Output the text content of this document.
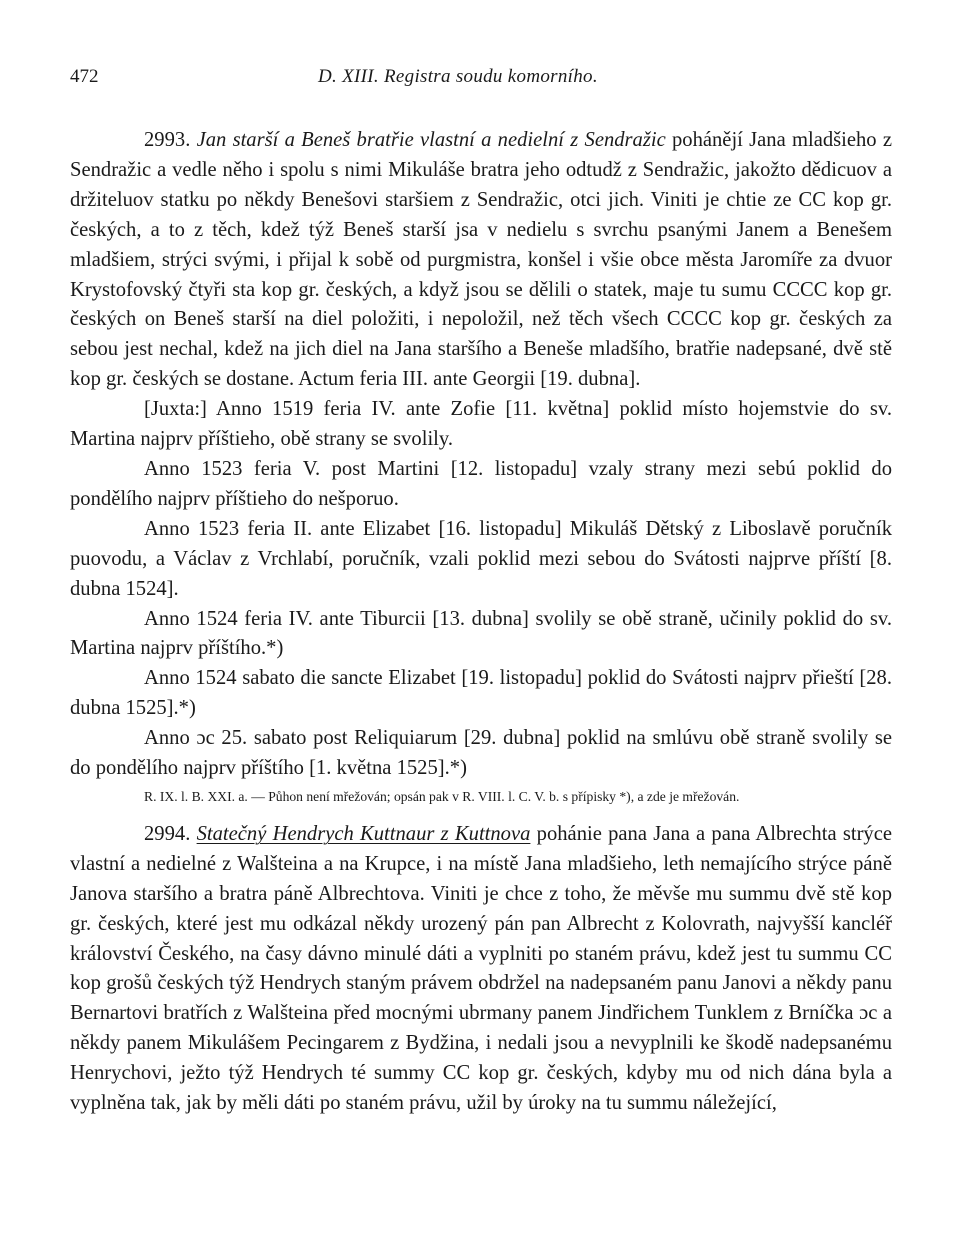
472	D. XIII. Registra soudu komorního.

2993. Jan starší a Beneš bratřie vlastní a nedielní z Sendražic pohánějí Jana mladšieho z Sendražic a vedle něho i spolu s nimi Mikuláše bratra jeho odtudž z Sendražic, jakožto dědicuov a držiteluov statku po někdy Benešovi staršiem z Sendražic, otci jich. Viniti je chtie ze CC kop gr. českých, a to z těch, kdež týž Beneš starší jsa v nedielu s svrchu psanými Janem a Benešem mladšiem, strýci svými, i přijal k sobě od purgmistra, konšel i všie obce města Jaromíře za dvuor Krystofovský čtyři sta kop gr. českých, a když jsou se dělili o statek, maje tu sumu CCCC kop gr. českých on Beneš starší na diel položiti, i nepoložil, než těch všech CCCC kop gr. českých za sebou jest nechal, kdež na jich diel na Jana staršího a Beneše mladšího, bratřie nadepsané, dvě stě kop gr. českých se dostane. Actum feria III. ante Georgii [19. dubna].

[Juxta:] Anno 1519 feria IV. ante Zofie [11. května] poklid místo hojemstvie do sv. Martina najprv příštieho, obě strany se svolily.

Anno 1523 feria V. post Martini [12. listopadu] vzaly strany mezi sebú poklid do pondělího najprv příštieho do nešporuo.

Anno 1523 feria II. ante Elizabet [16. listopadu] Mikuláš Dětský z Liboslavě poručník puovodu, a Václav z Vrchlabí, poručník, vzali poklid mezi sebou do Svátosti najprve příští [8. dubna 1524].

Anno 1524 feria IV. ante Tiburcii [13. dubna] svolily se obě straně, učinily poklid do sv. Martina najprv příštího.*)

Anno 1524 sabato die sancte Elizabet [19. listopadu] poklid do Svátosti najprv přieští [28. dubna 1525].*)

Anno ɔc 25. sabato post Reliquiarum [29. dubna] poklid na smlúvu obě straně svolily se do pondělího najprv příštího [1. května 1525].*)

R. IX. l. B. XXI. a. — Půhon není mřežován; opsán pak v R. VIII. l. C. V. b. s přípisky *), a zde je mřežován.

2994. Statečný Hendrych Kuttnaur z Kuttnova pohánie pana Jana a pana Albrechta strýce vlastní a nedielné z Walšteina a na Krupce, i na místě Jana mladšieho, leth nemajícího strýce páně Janova staršího a bratra páně Albrechtova. Viniti je chce z toho, že měvše mu summu dvě stě kop gr. českých, které jest mu odkázal někdy urozený pán pan Albrecht z Kolovrath, najvyšší kancléř království Českého, na časy dávno minulé dáti a vyplniti po staném právu, kdež jest tu summu CC kop grošů českých týž Hendrych staným právem obdržel na nadepsaném panu Janovi a někdy panu Bernartovi bratřích z Walšteina před mocnými ubrmany panem Jindřichem Tunklem z Brníčka ɔc a někdy panem Mikulášem Pecingarem z Bydžina, i nedali jsou a nevyplnili ke škodě nadepsanému Henrychovi, ježto týž Hendrych té summy CC kop gr. českých, kdyby mu od nich dána byla a vyplněna tak, jak by měli dáti po staném právu, užil by úroky na tu summu náležející,
